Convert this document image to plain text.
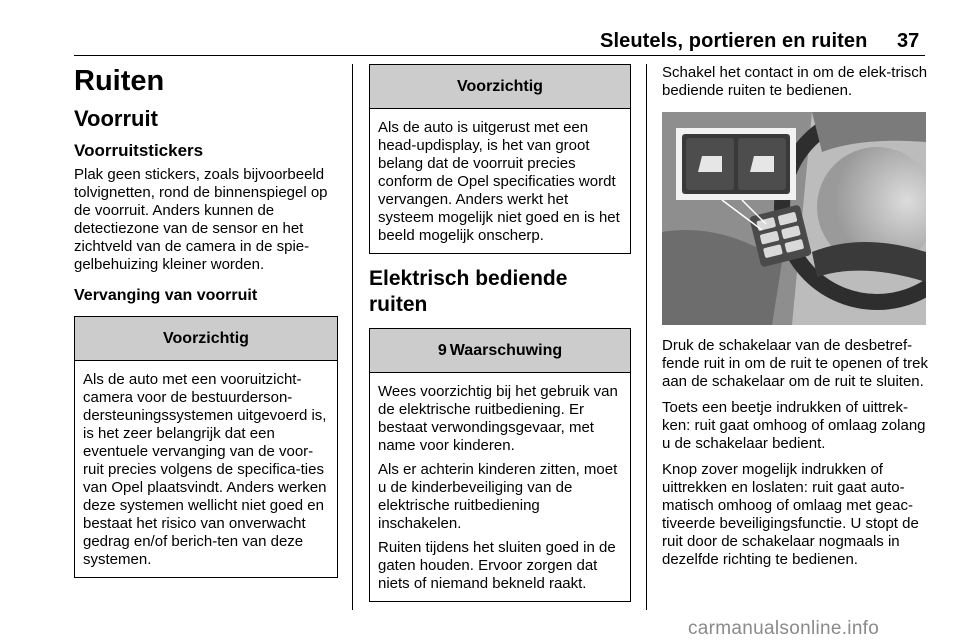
Sleutels, portieren en ruiten 37
Ruiten
Voorruit
Voorruitstickers

Plak geen stickers, zoals bijvoorbeeld tolvignetten, rond de binnenspiegel op de voorruit. Anders kunnen de detectiezone van de sensor en het zichtveld van de camera in de spie-gelbehuizing kleiner worden.

Vervanging van voorruit
Voorzichtig

Als de auto met een vooruitzicht-camera voor de bestuurderson-dersteuningssystemen uitgevoerd is, is het zeer belangrijk dat een eventuele vervanging van de voor-ruit precies volgens de specifica-ties van Opel plaatsvindt. Anders werken deze systemen wellicht niet goed en bestaat het risico van onverwacht gedrag en/of berich-ten van deze systemen.

Voorzichtig

Als de auto is uitgerust met een head-updisplay, is het van groot belang dat de voorruit precies conform de Opel specificaties wordt vervangen. Anders werkt het systeem mogelijk niet goed en is het beeld mogelijk onscherp.

Elektrisch bediende ruiten
9 Waarschuwing

Wees voorzichtig bij het gebruik van de elektrische ruitbediening. Er bestaat verwondingsgevaar, met name voor kinderen.

Als er achterin kinderen zitten, moet u de kinderbeveiliging van de elektrische ruitbediening inschakelen.

Ruiten tijdens het sluiten goed in de gaten houden. Ervoor zorgen dat niets of niemand bekneld raakt.

Schakel het contact in om de elek-trisch bediende ruiten te bedienen.

Druk de schakelaar van de desbetref-fende ruit in om de ruit te openen of trek aan de schakelaar om de ruit te sluiten.

Toets een beetje indrukken of uittrek-ken: ruit gaat omhoog of omlaag zolang u de schakelaar bedient.

Knop zover mogelijk indrukken of uittrekken en loslaten: ruit gaat auto-matisch omhoog of omlaag met geac-tiveerde beveiligingsfunctie. U stopt de ruit door de schakelaar nogmaals in dezelfde richting te bedienen.

carmanualsonline.info
